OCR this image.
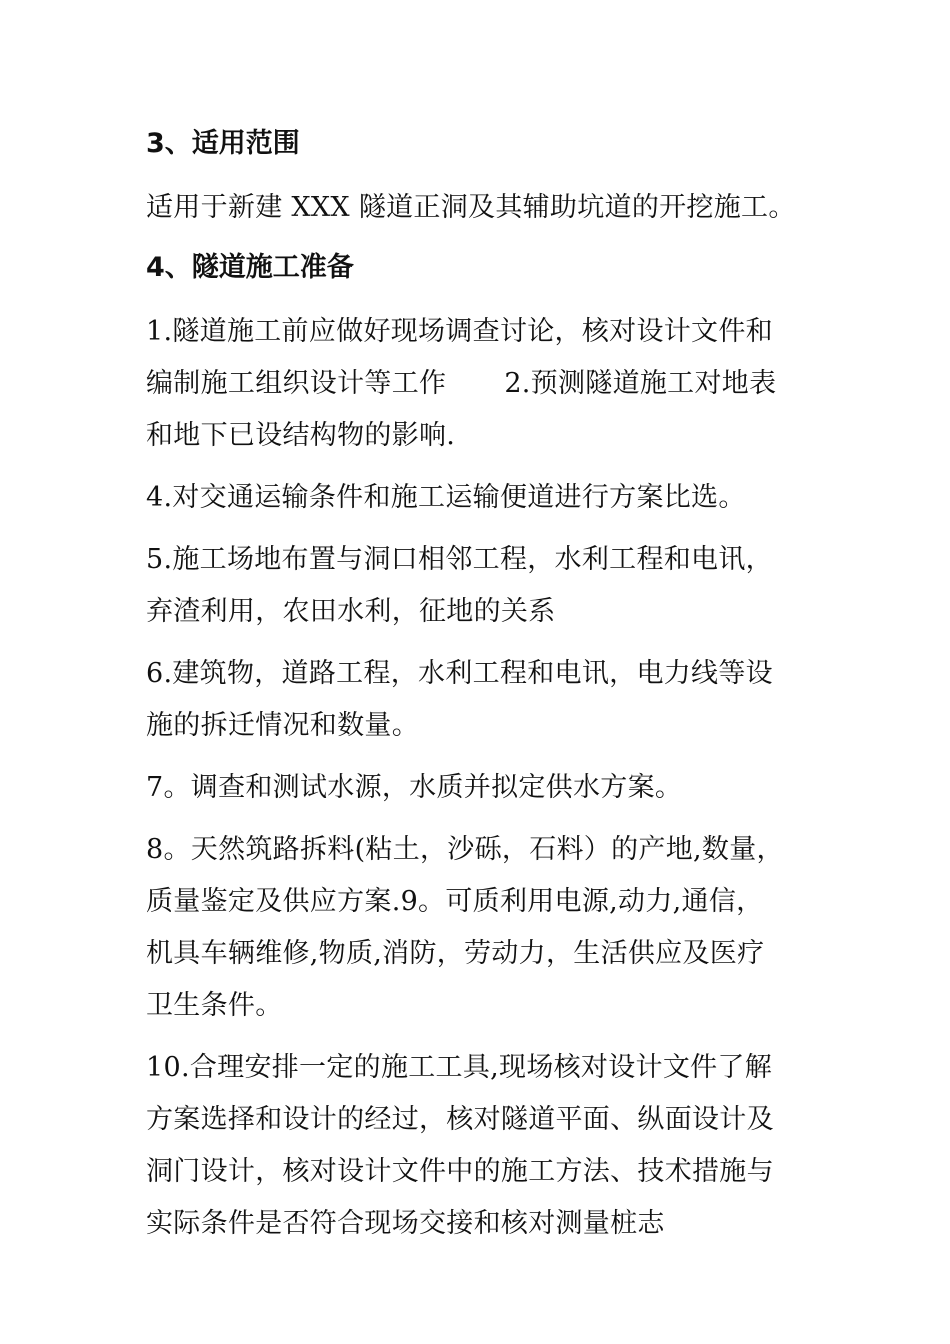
3、适用范围
适用于新建 XXX 隧道正洞及其辅助坑道的开挖施工。
4、隧道施工准备
1.隧道施工前应做好现场调查讨论，核对设计文件和
编制施工组织设计等工作 2.预测隧道施工对地表
和地下已设结构物的影响.
4.对交通运输条件和施工运输便道进行方案比选。
5.施工场地布置与洞口相邻工程，水利工程和电讯，
弃渣利用，农田水利，征地的关系
6.建筑物，道路工程，水利工程和电讯，电力线等设
施的拆迁情况和数量。
7。调查和测试水源，水质并拟定供水方案。
8。天然筑路拆料(粘土，沙砾，石料）的产地,数量，
质量鉴定及供应方案.9。可质利用电源,动力,通信，
机具车辆维修,物质,消防，劳动力，生活供应及医疗
卫生条件。
10.合理安排一定的施工工具,现场核对设计文件了解
方案选择和设计的经过，核对隧道平面、纵面设计及
洞门设计，核对设计文件中的施工方法、技术措施与
实际条件是否符合现场交接和核对测量桩志
